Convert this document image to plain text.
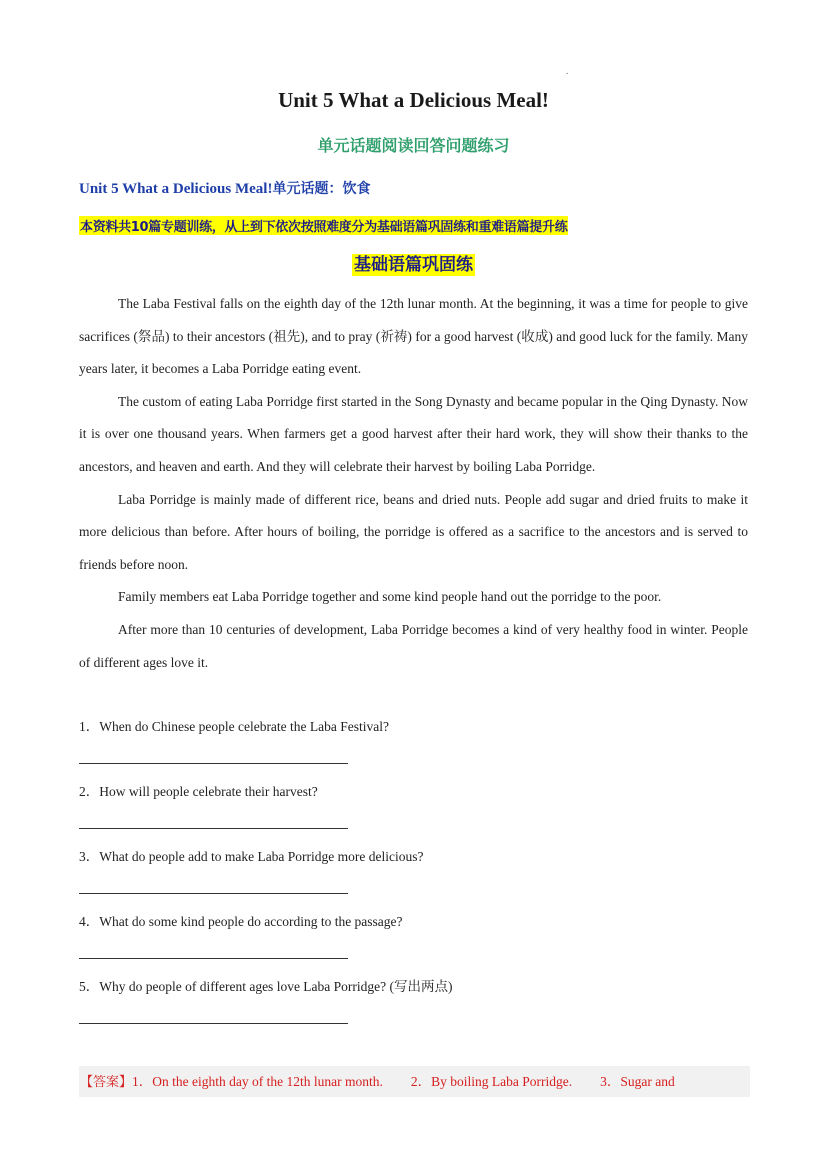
.
Unit 5 What a Delicious Meal!
单元话题阅读回答问题练习
Unit 5 What a Delicious Meal!单元话题：饮食
本资料共10篇专题训练，从上到下依次按照难度分为基础语篇巩固练和重难语篇提升练
基础语篇巩固练

The Laba Festival falls on the eighth day of the 12th lunar month. At the beginning, it was a time for people to give sacrifices (祭品) to their ancestors (祖先), and to pray (祈祷) for a good harvest (收成) and good luck for the family. Many years later, it becomes a Laba Porridge eating event.

The custom of eating Laba Porridge first started in the Song Dynasty and became popular in the Qing Dynasty. Now it is over one thousand years. When farmers get a good harvest after their hard work, they will show their thanks to the ancestors, and heaven and earth. And they will celebrate their harvest by boiling Laba Porridge.

Laba Porridge is mainly made of different rice, beans and dried nuts. People add sugar and dried fruits to make it more delicious than before. After hours of boiling, the porridge is offered as a sacrifice to the ancestors and is served to friends before noon.

Family members eat Laba Porridge together and some kind people hand out the porridge to the poor.

After more than 10 centuries of development, Laba Porridge becomes a kind of very healthy food in winter. People of different ages love it.

1．When do Chinese people celebrate the Laba Festival?
2．How will people celebrate their harvest?
3．What do people add to make Laba Porridge more delicious?
4．What do some kind people do according to the passage?
5．Why do people of different ages love Laba Porridge? (写出两点)
【答案】1．On the eighth day of the 12th lunar month. 2．By boiling Laba Porridge. 3．Sugar and
